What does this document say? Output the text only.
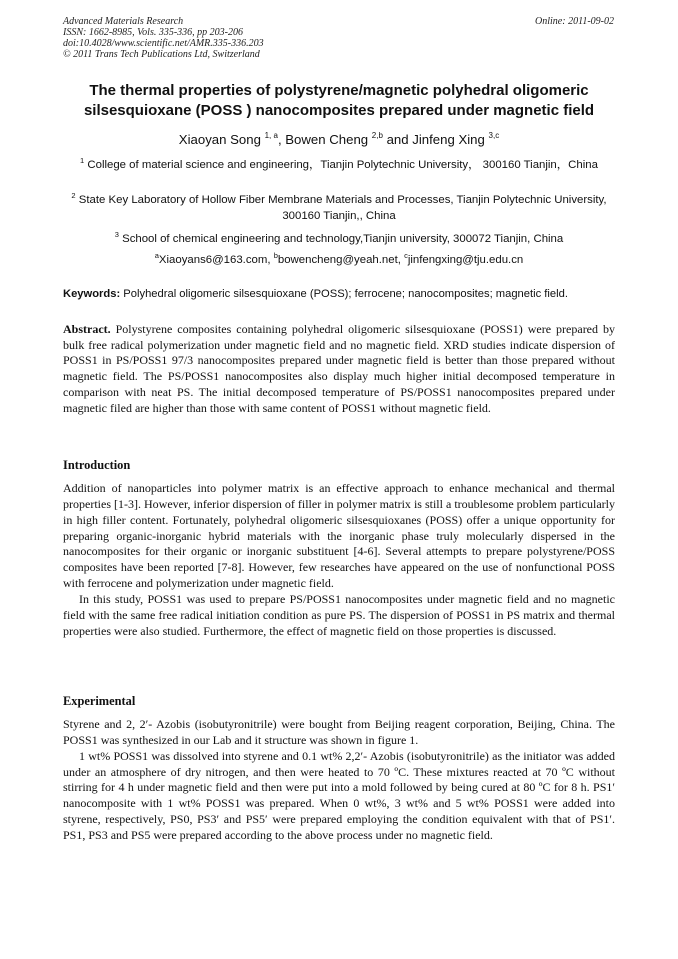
Advanced Materials Research
ISSN: 1662-8985, Vols. 335-336, pp 203-206
doi:10.4028/www.scientific.net/AMR.335-336.203
© 2011 Trans Tech Publications Ltd, Switzerland
Online: 2011-09-02
The thermal properties of polystyrene/magnetic polyhedral oligomeric
silsesquioxane (POSS ) nanocomposites prepared under magnetic field
Xiaoyan Song $^{1, a}$, Bowen Cheng $^{2,b}$ and Jinfeng Xing $^{3,c}$
$^1$ College of material science and engineering，Tianjin Polytechnic University， 300160 Tianjin，China
$^2$ State Key Laboratory of Hollow Fiber Membrane Materials and Processes, Tianjin Polytechnic University, 300160 Tianjin,, China
$^3$ School of chemical engineering and technology,Tianjin university, 300072 Tianjin, China
$^a$Xiaoyans6@163.com, $^b$bowencheng@yeah.net, $^c$jinfengxing@tju.edu.cn
Keywords: Polyhedral oligomeric silsesquioxane (POSS); ferrocene; nanocomposites; magnetic field.
Abstract. Polystyrene composites containing polyhedral oligomeric silsesquioxane (POSS1) were prepared by bulk free radical polymerization under magnetic field and no magnetic field. XRD studies indicate dispersion of POSS1 in PS/POSS1 97/3 nanocomposites prepared under magnetic field is better than those prepared without magnetic field. The PS/POSS1 nanocomposites also display much higher initial decomposed temperature in comparison with neat PS. The initial decomposed temperature of PS/POSS1 nanocomposites prepared under magnetic filed are higher than those with same content of POSS1 without magnetic field.
Introduction

Addition of nanoparticles into polymer matrix is an effective approach to enhance mechanical and thermal properties [1-3]. However, inferior dispersion of filler in polymer matrix is still a troublesome problem particularly in high filler content. Fortunately, polyhedral oligomeric silsesquioxanes (POSS) offer a unique opportunity for preparing organic-inorganic hybrid materials with the inorganic phase truly molecularly dispersed in the nanocomposites for their organic or inorganic substituent [4-6]. Several attempts to prepare polystyrene/POSS composites have been reported [7-8]. However, few researches have appeared on the use of nonfunctional POSS with ferrocene and polymerization under magnetic field.

In this study, POSS1 was used to prepare PS/POSS1 nanocomposites under magnetic field and no magnetic field with the same free radical initiation condition as pure PS. The dispersion of POSS1 in PS matrix and thermal properties were also studied. Furthermore, the effect of magnetic field on those properties is discussed.

Experimental

Styrene and 2, 2′- Azobis (isobutyronitrile) were bought from Beijing reagent corporation, Beijing, China. The POSS1 was synthesized in our Lab and it structure was shown in figure 1.

1 wt% POSS1 was dissolved into styrene and 0.1 wt% 2,2′- Azobis (isobutyronitrile) as the initiator was added under an atmosphere of dry nitrogen, and then were heated to 70 ºC. These mixtures reacted at 70 ºC without stirring for 4 h under magnetic field and then were put into a mold followed by being cured at 80 ºC for 8 h. PS1′ nanocomposite with 1 wt% POSS1 was prepared. When 0 wt%, 3 wt% and 5 wt% POSS1 were added into styrene, respectively, PS0, PS3′ and PS5′ were prepared employing the condition equivalent with that of PS1′. PS1, PS3 and PS5 were prepared according to the above process under no magnetic field.
